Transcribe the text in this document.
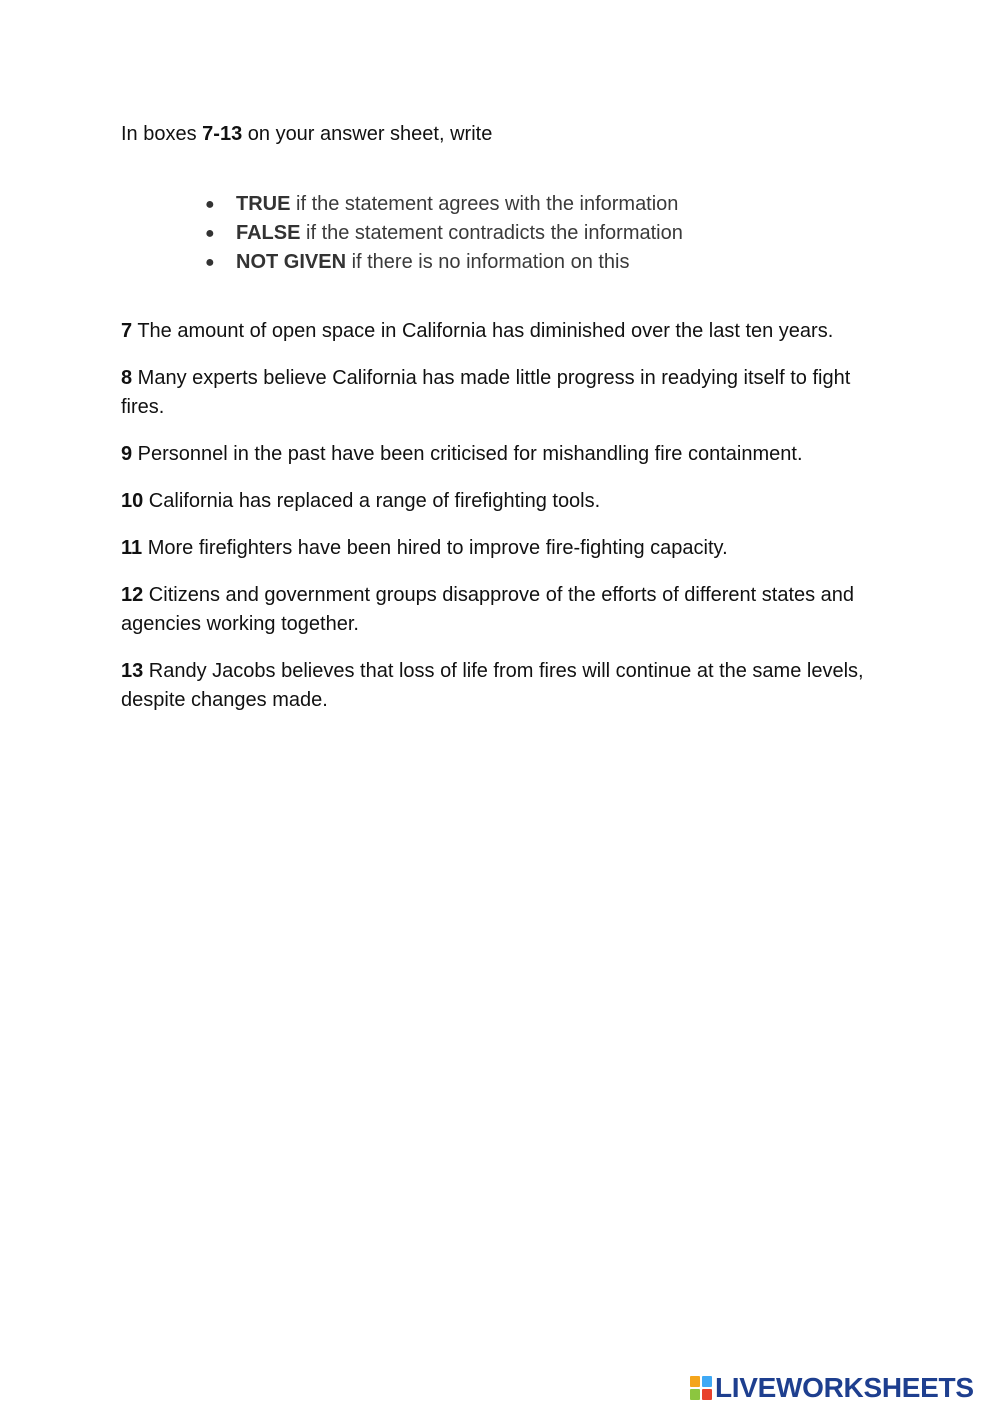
In boxes 7-13 on your answer sheet, write

● TRUE if the statement agrees with the information
● FALSE if the statement contradicts the information
● NOT GIVEN if there is no information on this
7 The amount of open space in California has diminished over the last ten years.
8 Many experts believe California has made little progress in readying itself to fight fires.
9 Personnel in the past have been criticised for mishandling fire containment.
10 California has replaced a range of firefighting tools.
11 More firefighters have been hired to improve fire-fighting capacity.
12 Citizens and government groups disapprove of the efforts of different states and agencies working together.
13 Randy Jacobs believes that loss of life from fires will continue at the same levels, despite changes made.
LIVEWORKSHEETS
